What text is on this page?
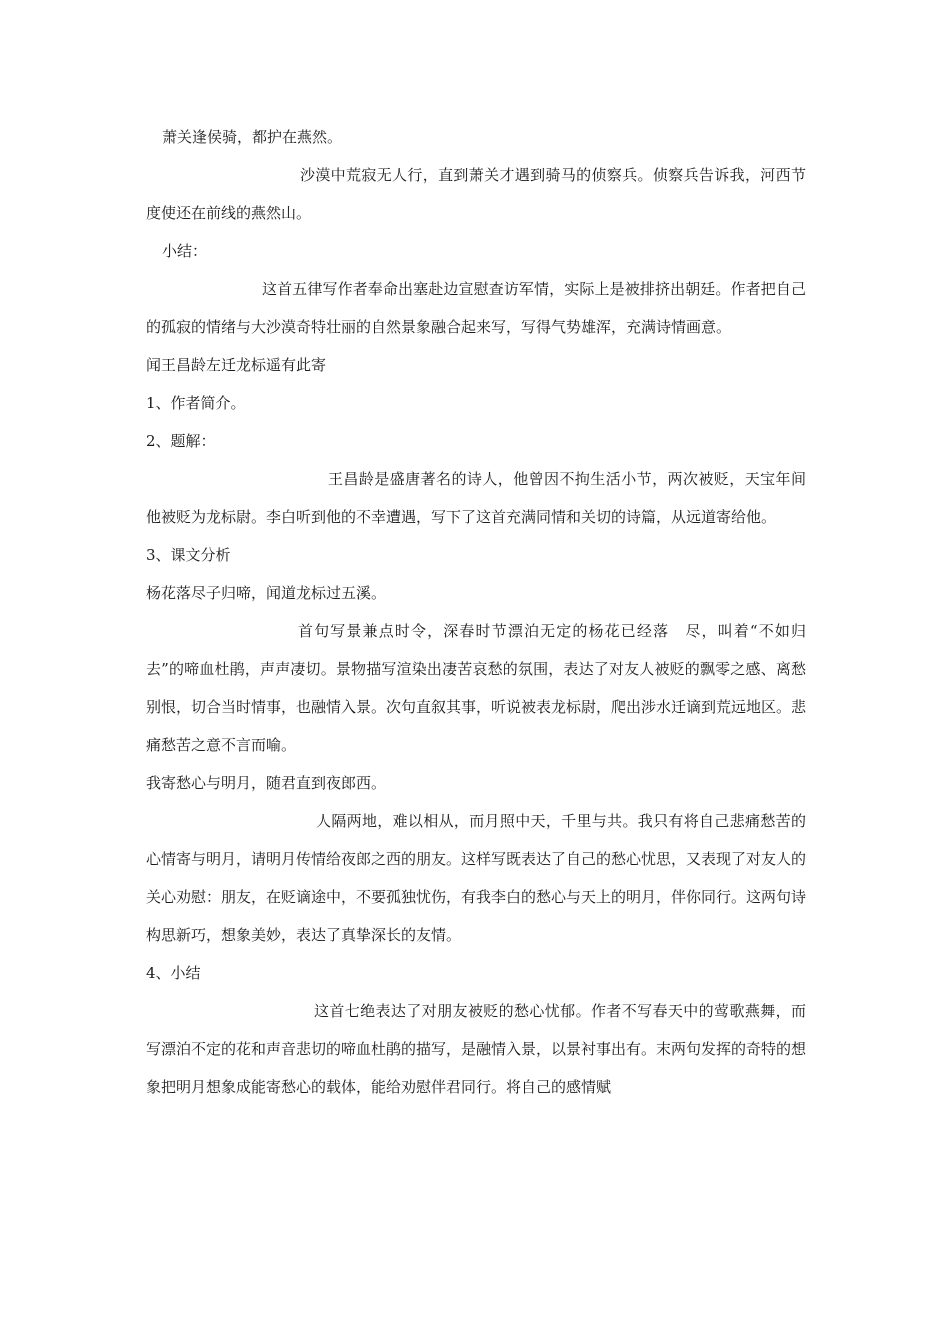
萧关逢侯骑，都护在燕然。

沙漠中荒寂无人行，直到萧关才遇到骑马的侦察兵。侦察兵告诉我，河西节度使还在前线的燕然山。

小结：

这首五律写作者奉命出塞赴边宣慰查访军情，实际上是被排挤出朝廷。作者把自己的孤寂的情绪与大沙漠奇特壮丽的自然景象融合起来写，写得气势雄浑，充满诗情画意。

闻王昌龄左迁龙标遥有此寄

1、作者简介。

2、题解：

王昌龄是盛唐著名的诗人，他曾因不拘生活小节，两次被贬，天宝年间他被贬为龙标尉。李白听到他的不幸遭遇，写下了这首充满同情和关切的诗篇，从远道寄给他。

3、课文分析

杨花落尽子归啼，闻道龙标过五溪。

首句写景兼点时令，深春时节漂泊无定的杨花已经落　尽，叫着“不如归去”的啼血杜鹃，声声凄切。景物描写渲染出凄苦哀愁的氛围，表达了对友人被贬的飘零之感、离愁别恨，切合当时情事，也融情入景。次句直叙其事，听说被表龙标尉，爬出涉水迁谪到荒远地区。悲痛愁苦之意不言而喻。

我寄愁心与明月，随君直到夜郎西。

人隔两地，难以相从，而月照中天，千里与共。我只有将自己悲痛愁苦的心情寄与明月，请明月传情给夜郎之西的朋友。这样写既表达了自己的愁心忧思，又表现了对友人的关心劝慰：朋友，在贬谪途中，不要孤独忧伤，有我李白的愁心与天上的明月，伴你同行。这两句诗构思新巧，想象美妙，表达了真挚深长的友情。

4、小结

这首七绝表达了对朋友被贬的愁心忧郁。作者不写春天中的莺歌燕舞，而写漂泊不定的花和声音悲切的啼血杜鹃的描写，是融情入景，以景衬事出有。末两句发挥的奇特的想象把明月想象成能寄愁心的载体，能给劝慰伴君同行。将自己的感情赋
